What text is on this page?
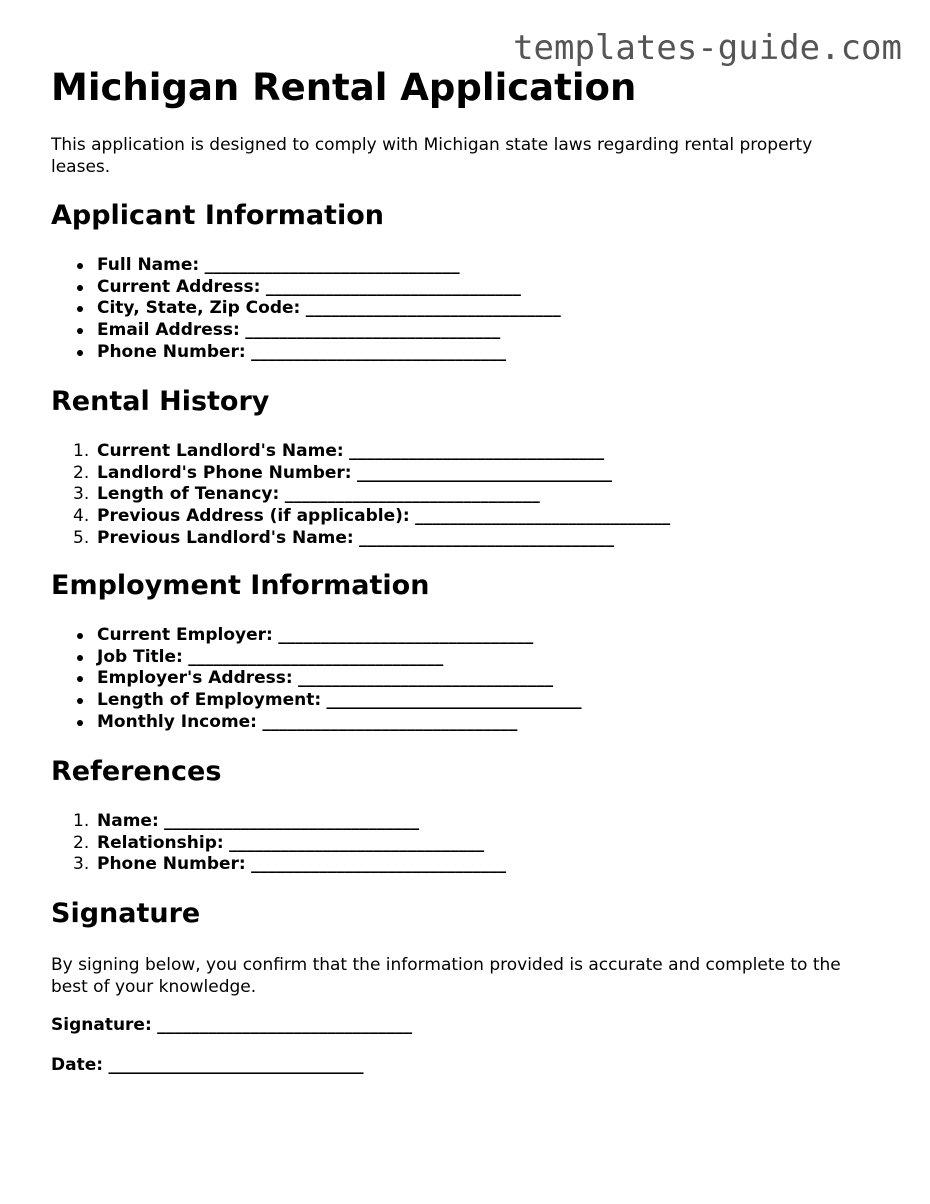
templates-guide.com
Michigan Rental Application

This application is designed to comply with Michigan state laws regarding rental property leases.

Applicant Information
Full Name: ______________________________
Current Address: ______________________________
City, State, Zip Code: ______________________________
Email Address: ______________________________
Phone Number: ______________________________
Rental History
1. Current Landlord's Name: ______________________________
2. Landlord's Phone Number: ______________________________
3. Length of Tenancy: ______________________________
4. Previous Address (if applicable): ______________________________
5. Previous Landlord's Name: ______________________________
Employment Information
Current Employer: ______________________________
Job Title: ______________________________
Employer's Address: ______________________________
Length of Employment: ______________________________
Monthly Income: ______________________________
References
1. Name: ______________________________
2. Relationship: ______________________________
3. Phone Number: ______________________________
Signature

By signing below, you confirm that the information provided is accurate and complete to the best of your knowledge.

Signature: ______________________________
Date: ______________________________
